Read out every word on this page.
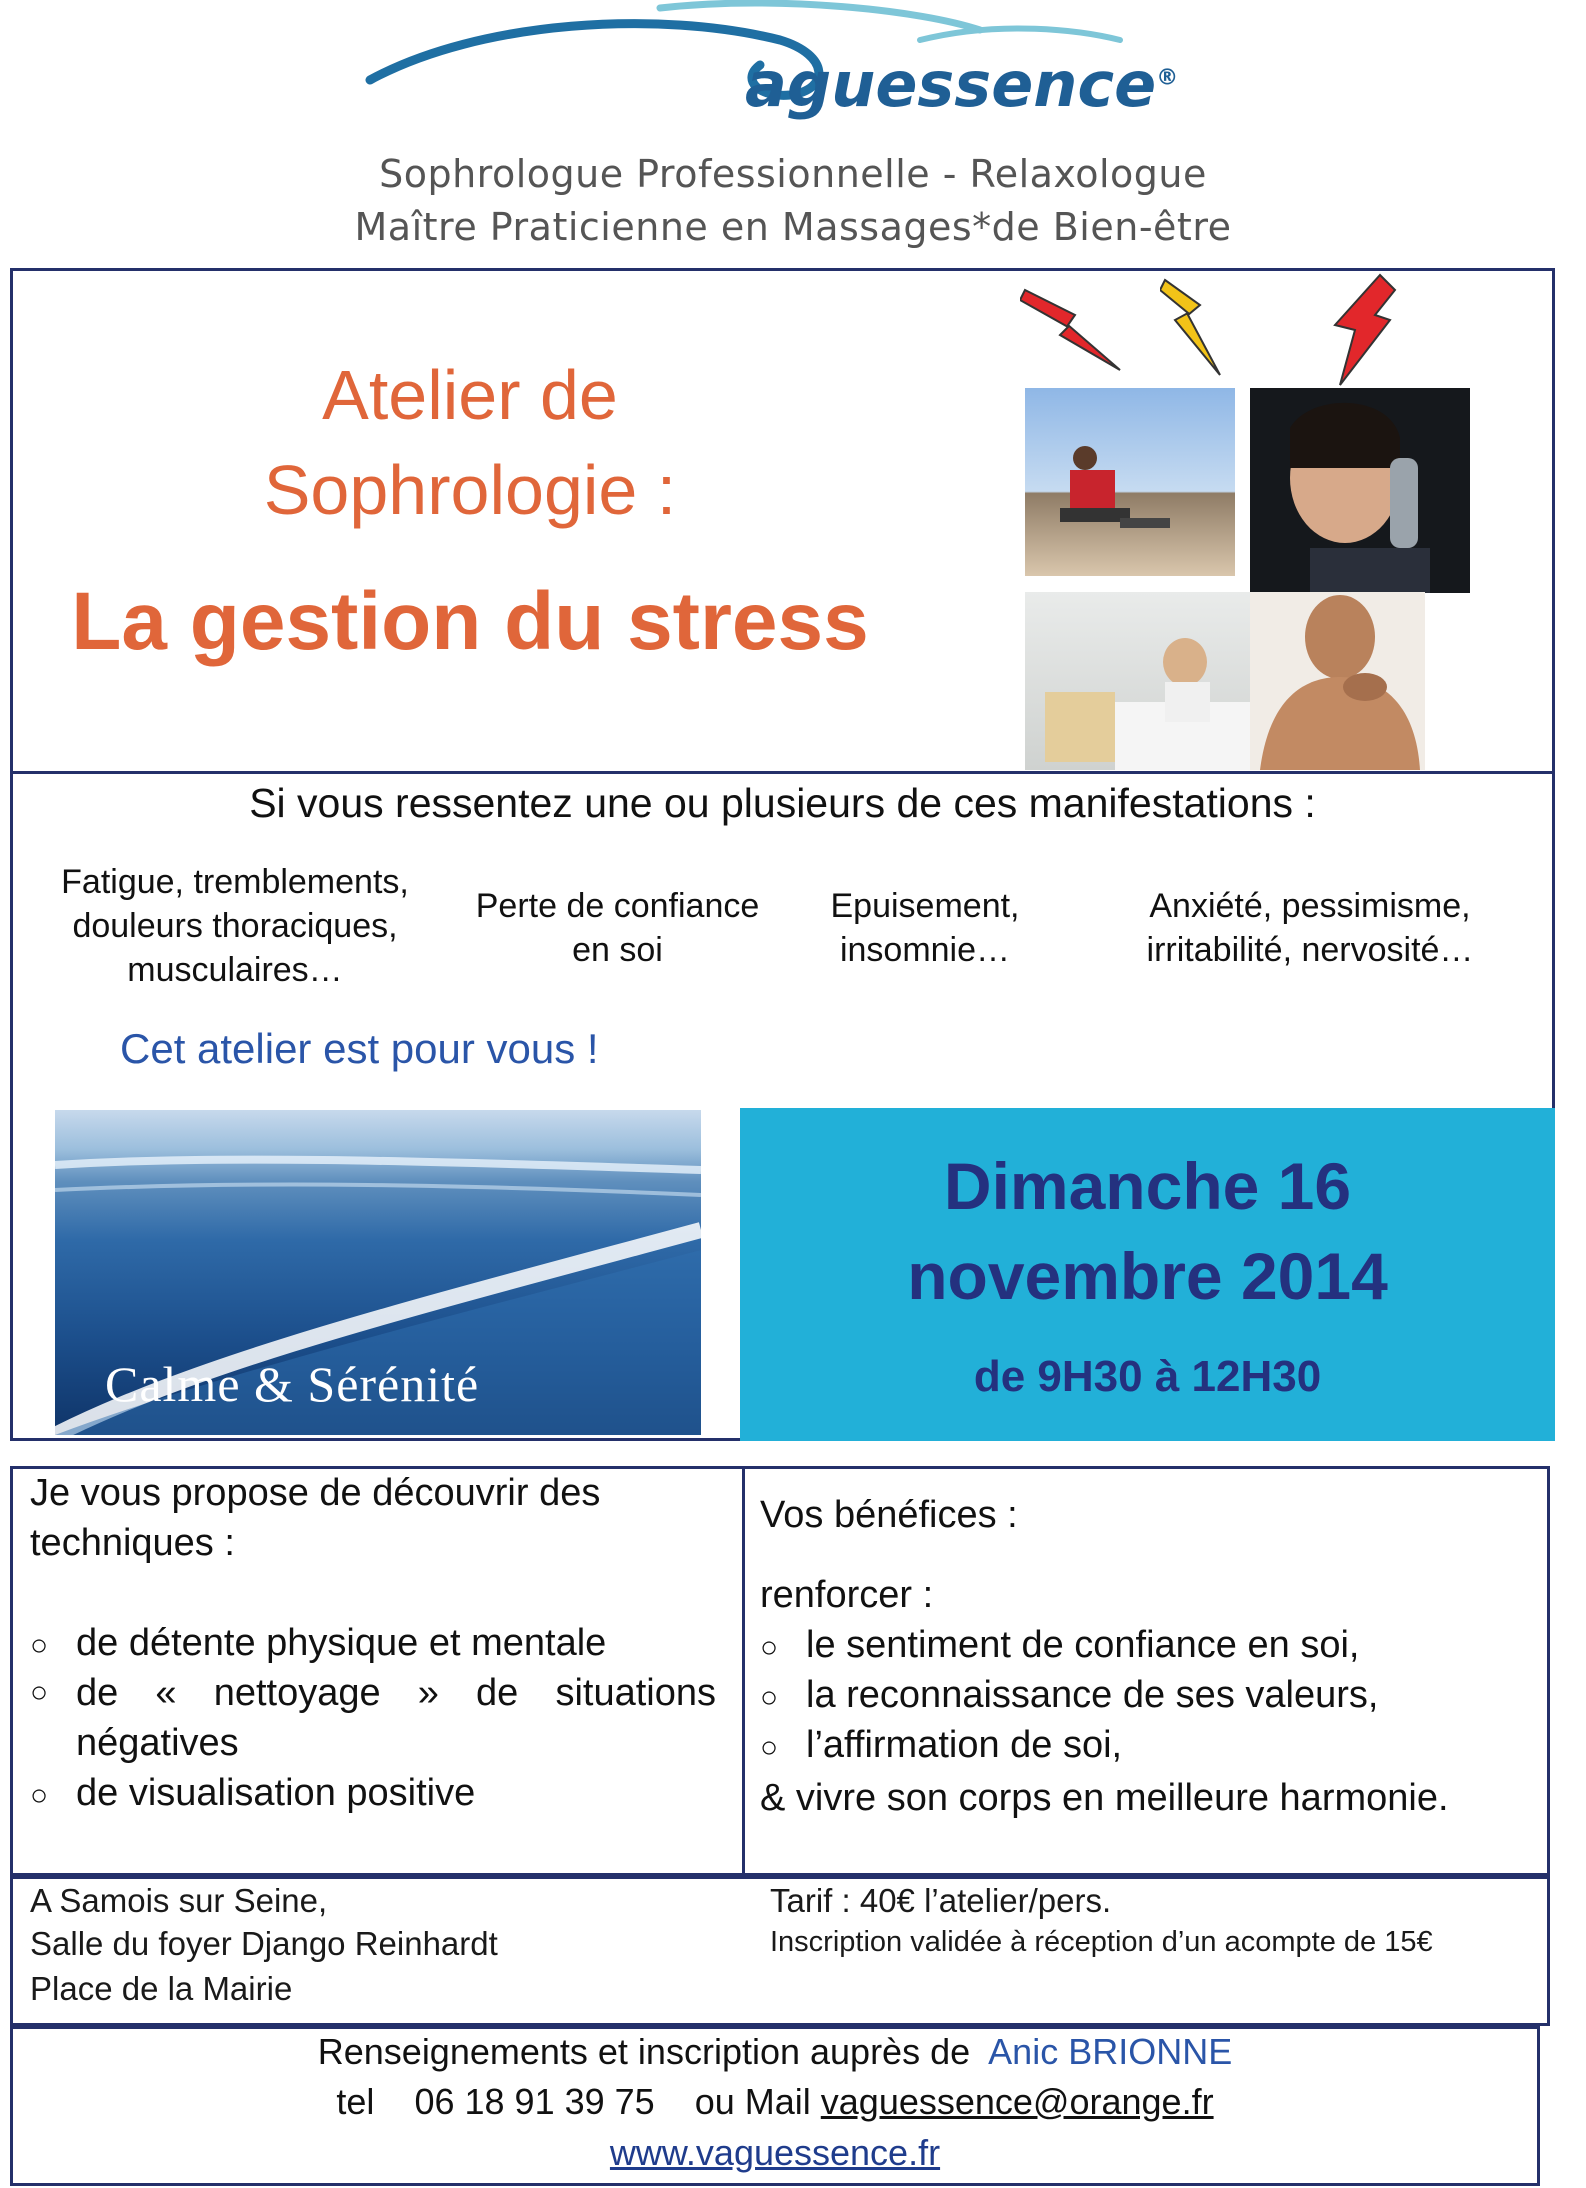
aguessence®
Sophrologue Professionnelle - Relaxologue
Maître Praticienne en Massages*de Bien-être
Atelier de
Sophrologie :
La gestion du stress
Si vous ressentez une ou plusieurs de ces manifestations :
Fatigue, tremblements, douleurs thoraciques, musculaires…
Perte de confiance en soi
Epuisement, insomnie…
Anxiété, pessimisme, irritabilité, nervosité…
Cet atelier est pour vous !
Calme & Sérénité
Dimanche 16
novembre 2014
de 9H30 à 12H30
Je vous propose de découvrir des techniques :
○ de détente physique et mentale
○ de « nettoyage » de situations négatives
○ de visualisation positive
Vos bénéfices :
renforcer :
○ le sentiment de confiance en soi,
○ la reconnaissance de ses valeurs,
○ l’affirmation de soi,
& vivre son corps en meilleure harmonie.
A Samois sur Seine,
Salle du foyer Django Reinhardt
Place de la Mairie
Tarif : 40€ l’atelier/pers.
Inscription validée à réception d’un acompte de 15€
Renseignements et inscription auprès de Anic BRIONNE
tel 06 18 91 39 75 ou Mail vaguessence@orange.fr
www.vaguessence.fr
